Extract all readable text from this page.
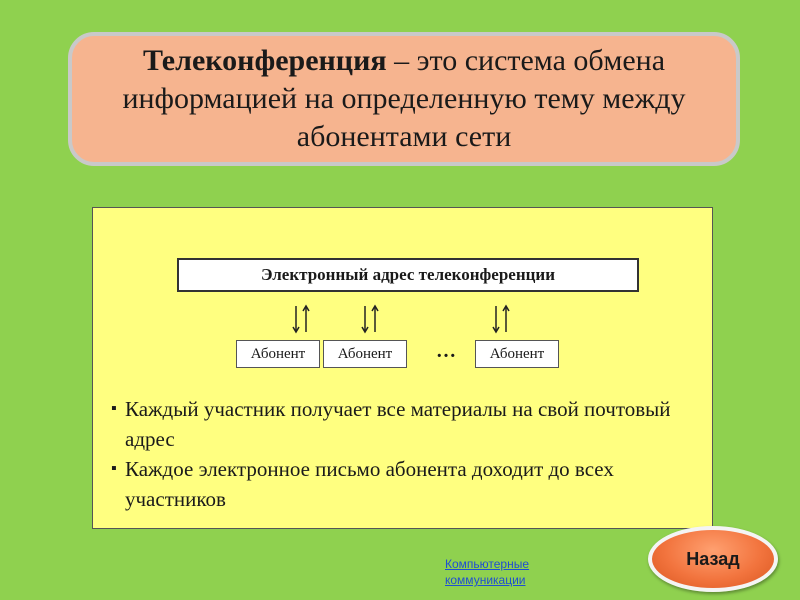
Телеконференция – это система обмена информацией на определенную тему между абонентами сети
Электронный адрес телеконференции
Абонент	Абонент	…	Абонент

▪ Каждый участник получает все материалы на свой почтовый адрес

▪ Каждое электронное письмо абонента доходит до всех участников

Компьютерные коммуникации
Назад
